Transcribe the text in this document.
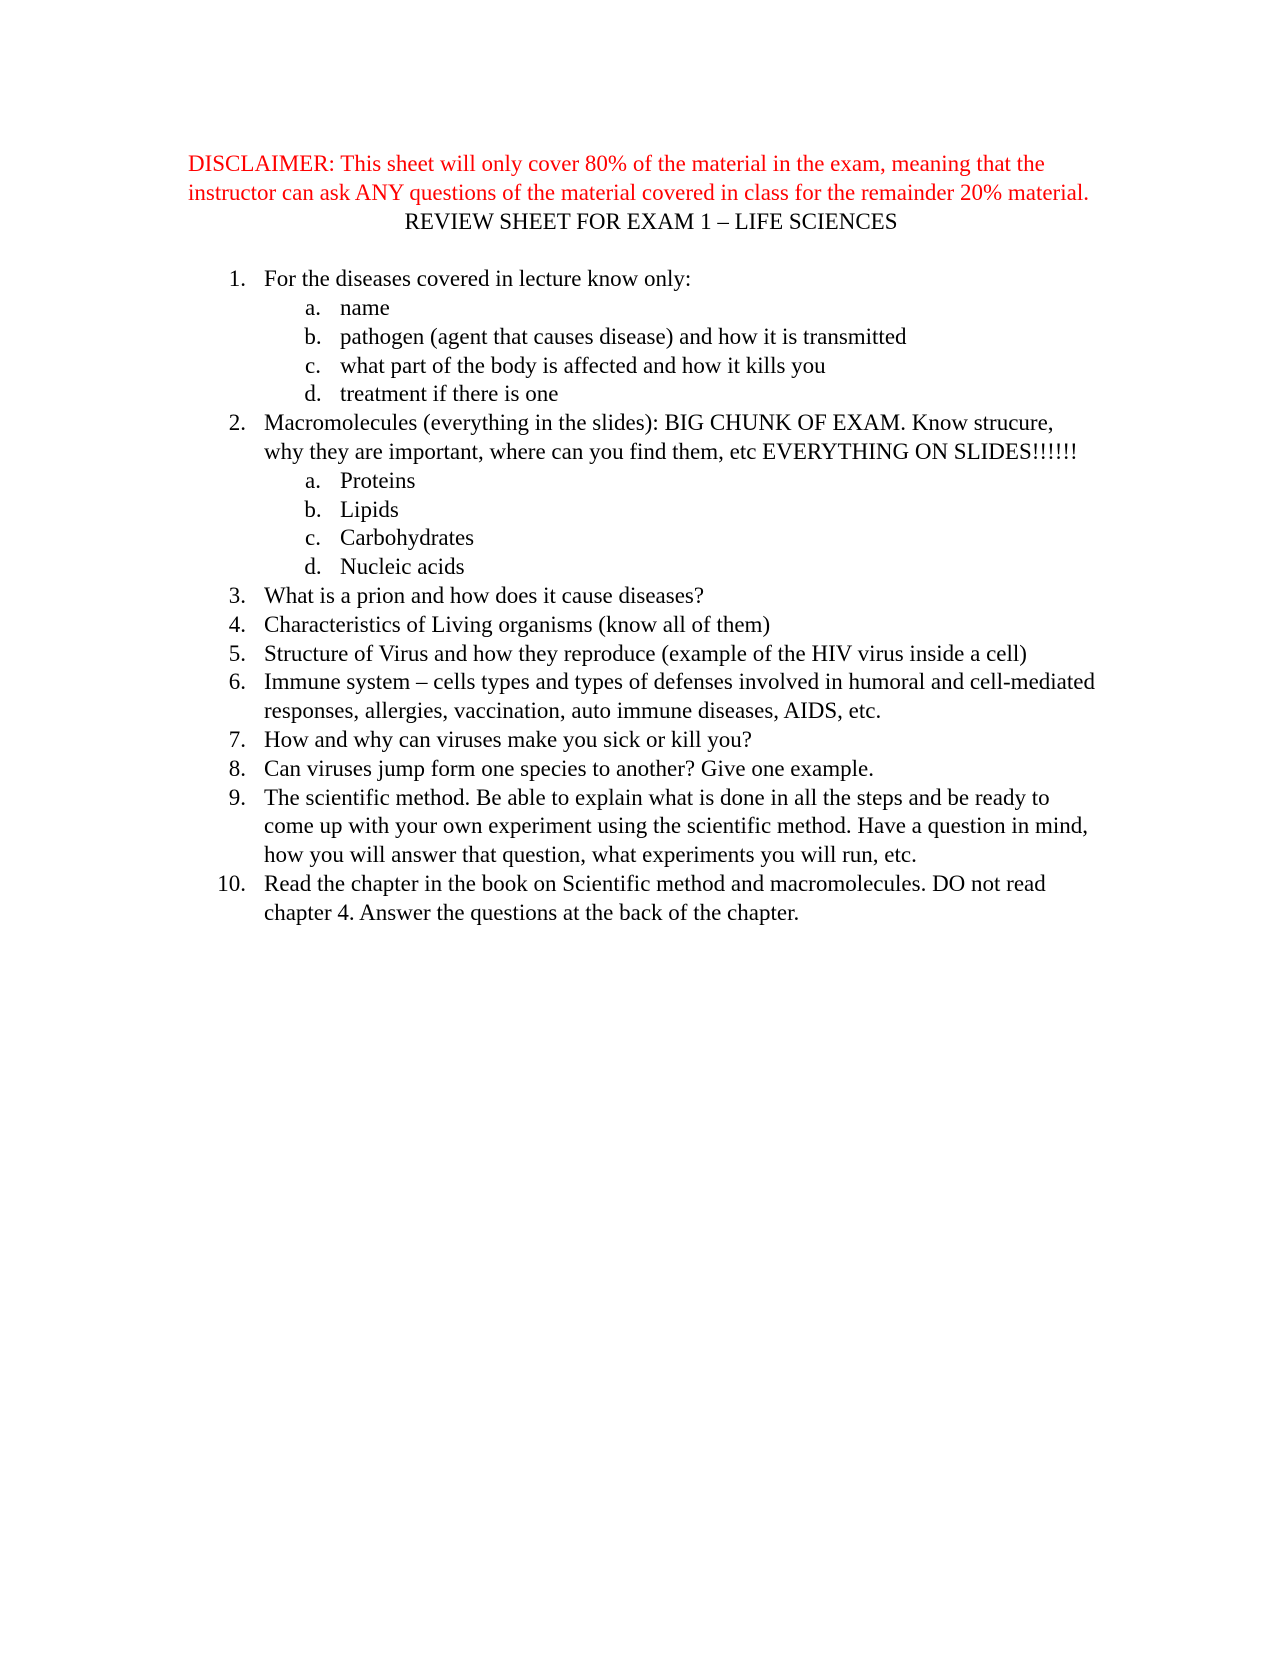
DISCLAIMER: This sheet will only cover 80% of the material in the exam, meaning that the instructor can ask ANY questions of the material covered in class for the remainder 20% material.

REVIEW SHEET FOR EXAM 1 – LIFE SCIENCES

1. For the diseases covered in lecture know only:
a. name
b. pathogen (agent that causes disease) and how it is transmitted
c. what part of the body is affected and how it kills you
d. treatment if there is one
2. Macromolecules (everything in the slides): BIG CHUNK OF EXAM. Know strucure, why they are important, where can you find them, etc EVERYTHING ON SLIDES!!!!!!
a. Proteins
b. Lipids
c. Carbohydrates
d. Nucleic acids
3. What is a prion and how does it cause diseases?
4. Characteristics of Living organisms (know all of them)
5. Structure of Virus and how they reproduce (example of the HIV virus inside a cell)
6. Immune system – cells types and types of defenses involved in humoral and cell-mediated responses, allergies, vaccination, auto immune diseases, AIDS, etc.
7. How and why can viruses make you sick or kill you?
8. Can viruses jump form one species to another? Give one example.
9. The scientific method. Be able to explain what is done in all the steps and be ready to come up with your own experiment using the scientific method. Have a question in mind, how you will answer that question, what experiments you will run, etc.
10. Read the chapter in the book on Scientific method and macromolecules. DO not read chapter 4. Answer the questions at the back of the chapter.
